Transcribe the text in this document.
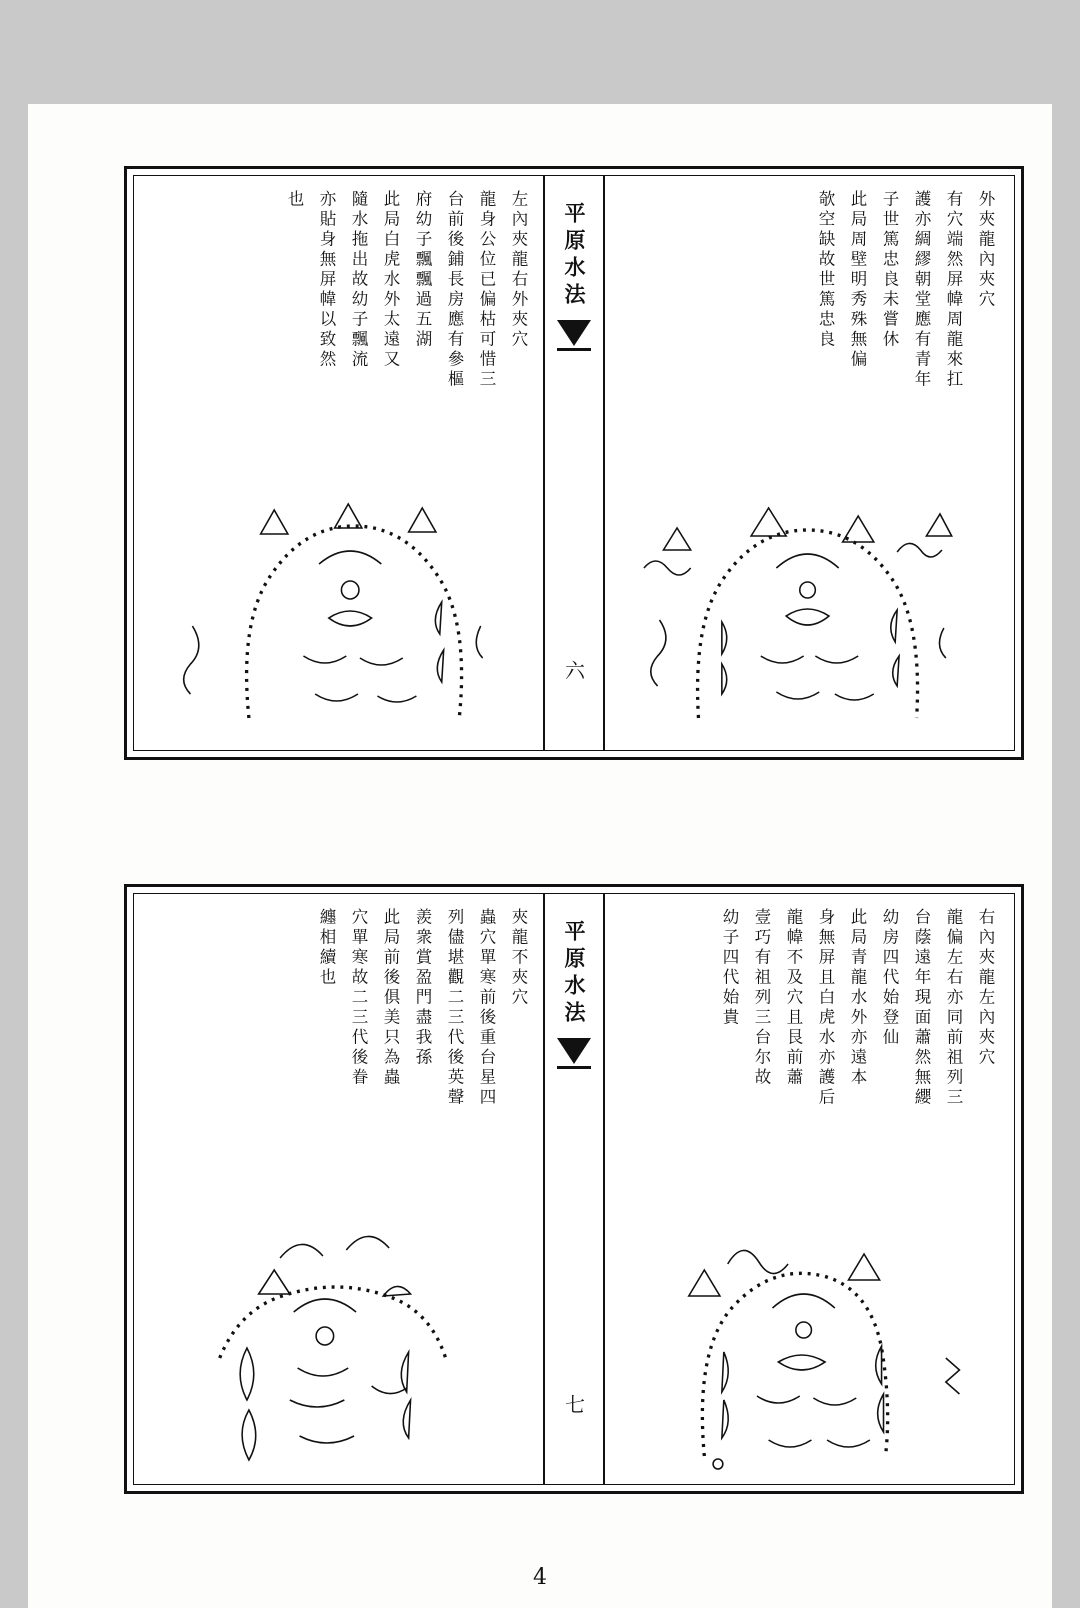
欹空缺故世篤忠良 此局周壁明秀殊無偏 子世篤忠良未嘗休 護亦綢繆朝堂應有青年 有穴端然屏幃周龍來扛 外夾龍內夾穴
平原水法
六
也 亦貼身無屏幃以致然 隨水拖出故幼子飄流 此局白虎水外太遠又 府幼子飄飄過五湖 台前後鋪長房應有參樞 龍身公位已偏枯可惜三 左內夾龍右外夾穴
幼子四代始貴 壹巧有祖列三台尔故 龍幃不及穴且艮前蕭 身無屏且白虎水亦護后 此局青龍水外亦遠本 幼房四代始登仙 台蔭遠年現面蕭然無纓 龍偏左右亦同前祖列三 右內夾龍左內夾穴
平原水法
七
纏相續也 穴單寒故二三代後眷 此局前後俱美只為蟲 羨衆賞盈門盡我孫 列儘堪觀二三代後英聲 蟲穴單寒前後重台星四 夾龍不夾穴
4
